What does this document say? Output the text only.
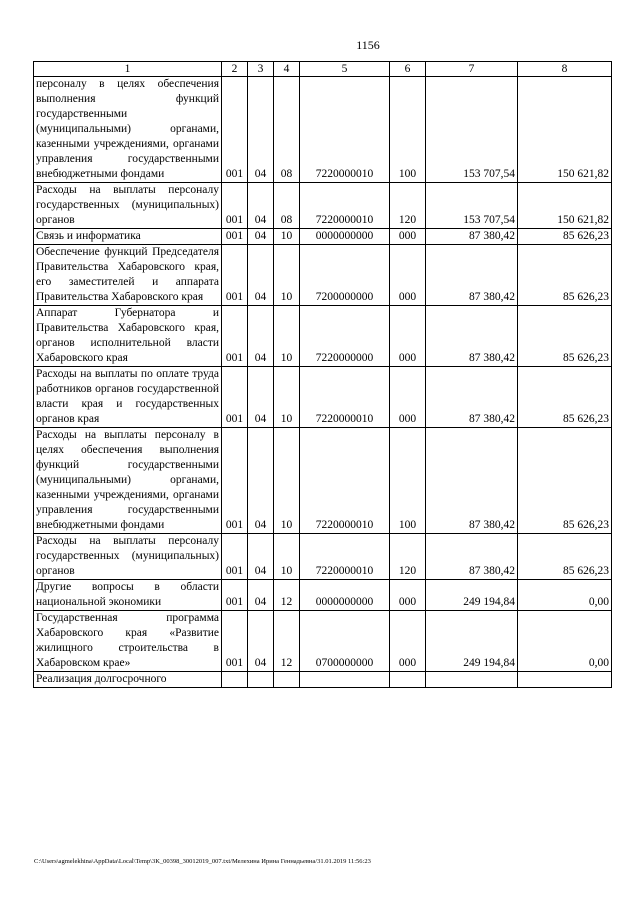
1156
1	2	3	4	5	6	7	8
персоналу в целях обеспечения выполнения функций государственными (муниципальными) органами, казенными учреждениями, органами управления государственными внебюджетными фондами	001	04	08	7220000010	100	153 707,54	150 621,82
Расходы на выплаты персоналу государственных (муниципальных) органов	001	04	08	7220000010	120	153 707,54	150 621,82
Связь и информатика	001	04	10	0000000000	000	87 380,42	85 626,23
Обеспечение функций Председателя Правительства Хабаровского края, его заместителей и аппарата Правительства Хабаровского края	001	04	10	7200000000	000	87 380,42	85 626,23
Аппарат Губернатора и Правительства Хабаровского края, органов исполнительной власти Хабаровского края	001	04	10	7220000000	000	87 380,42	85 626,23
Расходы на выплаты по оплате труда работников органов государственной власти края и государственных органов края	001	04	10	7220000010	000	87 380,42	85 626,23
Расходы на выплаты персоналу в целях обеспечения выполнения функций государственными (муниципальными) органами, казенными учреждениями, органами управления государственными внебюджетными фондами	001	04	10	7220000010	100	87 380,42	85 626,23
Расходы на выплаты персоналу государственных (муниципальных) органов	001	04	10	7220000010	120	87 380,42	85 626,23
Другие вопросы в области национальной экономики	001	04	12	0000000000	000	249 194,84	0,00
Государственная программа Хабаровского края «Развитие жилищного строительства в Хабаровском крае»	001	04	12	0700000000	000	249 194,84	0,00
Реализация долгосрочного							
C:\Users\agmelekhina\AppData\Local\Temp\3K_00398_30012019_007.txt/Мелехина Ирина Геннадьевна/31.01.2019 11:56:23
